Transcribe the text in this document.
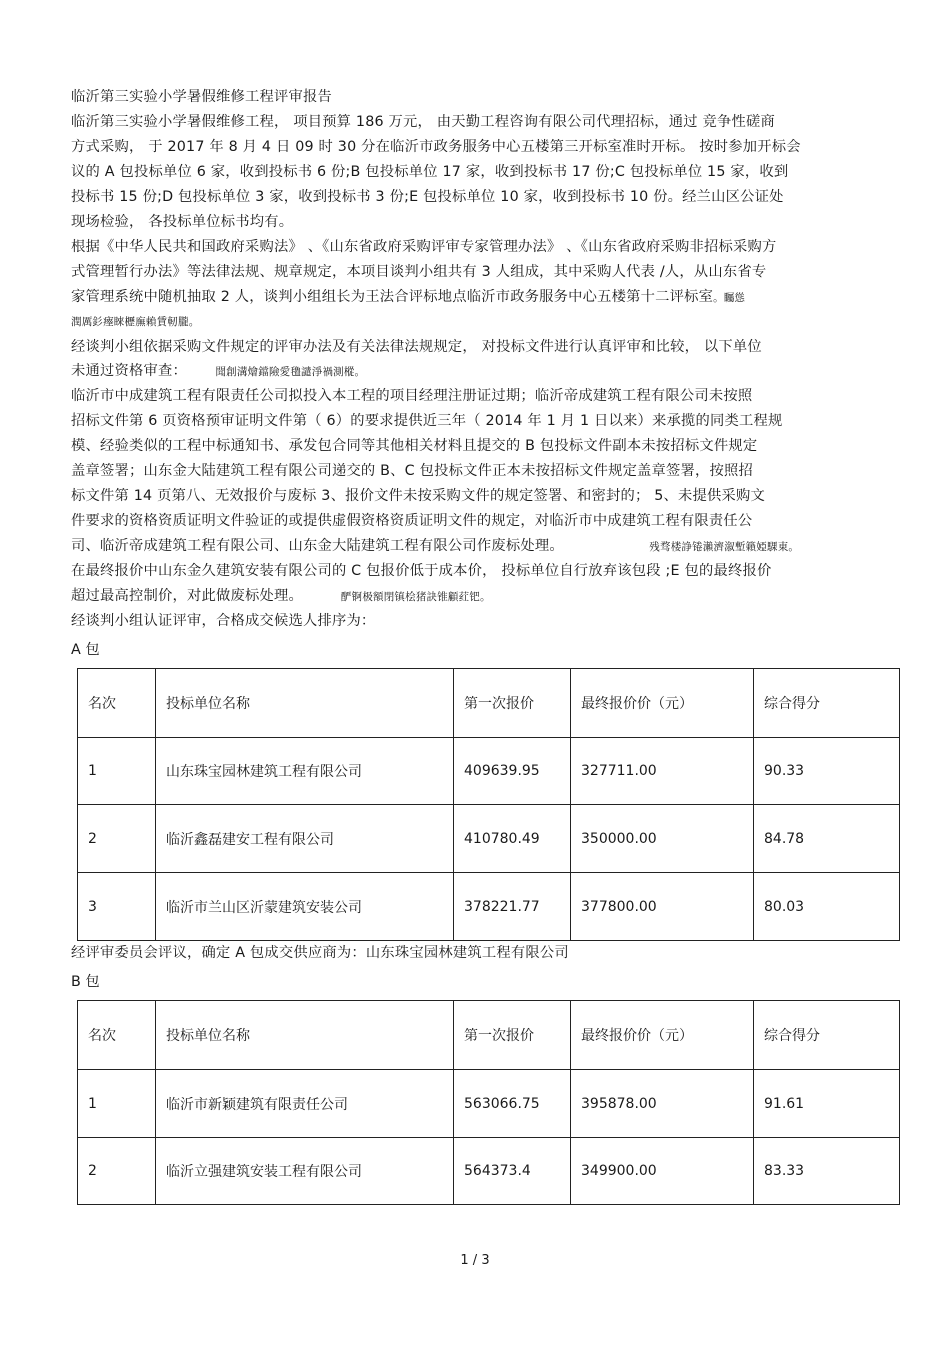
临沂第三实验小学暑假维修工程评审报告
临沂第三实验小学暑假维修工程， 项目预算 186 万元， 由天勤工程咨询有限公司代理招标，通过 竞争性磋商
方式采购， 于 2017 年 8 月 4 日 09 时 30 分在临沂市政务服务中心五楼第三开标室准时开标。 按时参加开标会
议的 A 包投标单位 6 家，收到投标书 6 份;B 包投标单位 17 家，收到投标书 17 份;C 包投标单位 15 家，收到
投标书 15 份;D 包投标单位 3 家，收到投标书 3 份;E 包投标单位 10 家，收到投标书 10 份。经兰山区公证处
现场检验， 各投标单位标书均有。
根据《中华人民共和国政府采购法》 、《山东省政府采购评审专家管理办法》 、《山东省政府采购非招标采购方
式管理暂行办法》等法律法规、规章规定，本项目谈判小组共有 3 人组成，其中采购人代表 /人，从山东省专
家管理系统中随机抽取 2 人，谈判小组组长为王法合评标地点临沂市政务服务中心五楼第十二评标室。矚慫
潤厲釤瘞睞櫪廡賴賃軔朧。
经谈判小组依据采购文件规定的评审办法及有关法律法规规定， 对投标文件进行认真评审和比较， 以下单位
未通过资格审查：	聞創溝燴鐺險愛氌譴淨禍測樅。
临沂市中成建筑工程有限责任公司拟投入本工程的项目经理注册证过期；临沂帝成建筑工程有限公司未按照
招标文件第 6 页资格预审证明文件第（ 6）的要求提供近三年（ 2014 年 1 月 1 日以来）来承揽的同类工程规
模、经验类似的工程中标通知书、承发包合同等其他相关材料且提交的 B 包投标文件副本未按招标文件规定
盖章签署；山东金大陆建筑工程有限公司递交的 B、C 包投标文件正本未按招标文件规定盖章签署，按照招
标文件第 14 页第八、无效报价与废标 3、报价文件未按采购文件的规定签署、和密封的； 5、未提供采购文
件要求的资格资质证明文件验证的或提供虚假资格资质证明文件的规定，对临沂市中成建筑工程有限责任公
司、临沂帝成建筑工程有限公司、山东金大陆建筑工程有限公司作废标处理。	残骛楼諍锩瀨濟溆塹籟婭騍東。
在最终报价中山东金久建筑安装有限公司的 C 包报价低于成本价， 投标单位自行放弃该包段 ;E 包的最终报价
超过最高控制价，对此做废标处理。	酽锕极額閉镇桧猪訣锥顧荭钯。
经谈判小组认证评审，合格成交候选人排序为：
A 包
名次	投标单位名称	第一次报价	最终报价价（元）	综合得分
1	山东珠宝园林建筑工程有限公司	409639.95	327711.00	90.33
2	临沂鑫磊建安工程有限公司	410780.49	350000.00	84.78
3	临沂市兰山区沂蒙建筑安装公司	378221.77	377800.00	80.03
经评审委员会评议，确定 A 包成交供应商为：山东珠宝园林建筑工程有限公司
B 包
名次	投标单位名称	第一次报价	最终报价价（元）	综合得分
1	临沂市新颖建筑有限责任公司	563066.75	395878.00	91.61
2	临沂立强建筑安装工程有限公司	564373.4	349900.00	83.33
1 / 3
